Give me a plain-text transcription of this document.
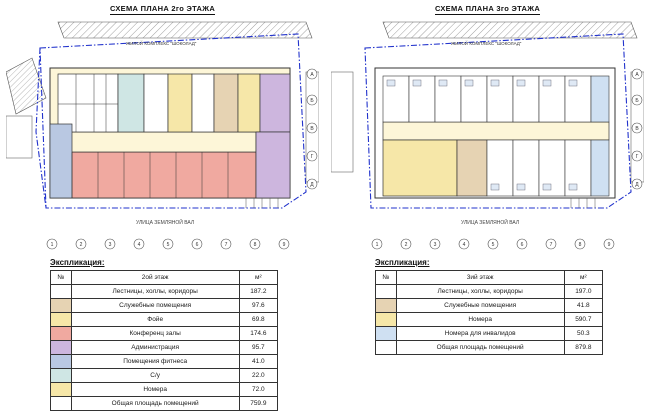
СХЕМА ПЛАНА 2го ЭТАЖА
1	2	3	4	5	6	7	8	9
А
Б
В
Г
Д
УЛИЦА ЗЕМЛЯНОЙ ВАЛ
ЖИЛОЙ КОМПЛЕКС "ШОКОЛАД"
Экспликация:
№	2ой этаж	м²
	Лестницы, холлы, коридоры	187.2
	Служебные помещения	97.6
	Фойе	69.8
	Конференц залы	174.6
	Администрация	95.7
	Помещения фитнеса	41.0
	C/y	22.0
	Номера	72.0
	Общая площадь помещений	759.9
СХЕМА ПЛАНА 3го ЭТАЖА
1	2	3	4	5	6	7	8	9
А
Б
В
Г
Д
УЛИЦА ЗЕМЛЯНОЙ ВАЛ
ЖИЛОЙ КОМПЛЕКС "ШОКОЛАД"
Экспликация:
№	3ий этаж	м²
	Лестницы, холлы, коридоры	197.0
	Служебные помещения	41.8
	Номера	590.7
	Номера для инвалидов	50.3
	Общая площадь помещений	879.8
